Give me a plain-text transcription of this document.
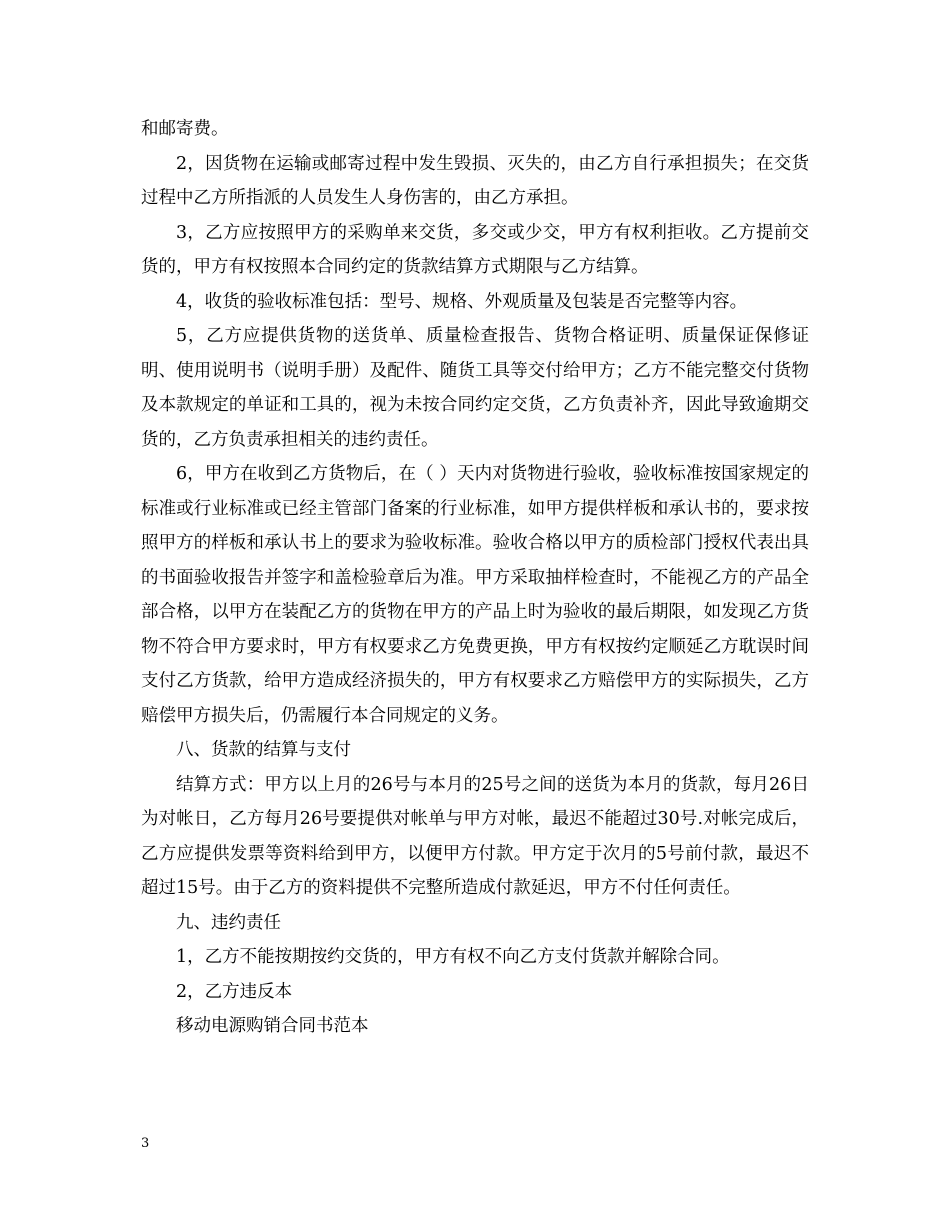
和邮寄费。

2，因货物在运输或邮寄过程中发生毁损、灭失的，由乙方自行承担损失；在交货过程中乙方所指派的人员发生人身伤害的，由乙方承担。

3，乙方应按照甲方的采购单来交货，多交或少交，甲方有权利拒收。乙方提前交货的，甲方有权按照本合同约定的货款结算方式期限与乙方结算。

4，收货的验收标准包括：型号、规格、外观质量及包装是否完整等内容。

5，乙方应提供货物的送货单、质量检查报告、货物合格证明、质量保证保修证明、使用说明书（说明手册）及配件、随货工具等交付给甲方；乙方不能完整交付货物及本款规定的单证和工具的，视为未按合同约定交货，乙方负责补齐，因此导致逾期交货的，乙方负责承担相关的违约责任。

6，甲方在收到乙方货物后，在（ ）天内对货物进行验收，验收标准按国家规定的标准或行业标准或已经主管部门备案的行业标准，如甲方提供样板和承认书的，要求按照甲方的样板和承认书上的要求为验收标准。验收合格以甲方的质检部门授权代表出具的书面验收报告并签字和盖检验章后为准。甲方采取抽样检查时，不能视乙方的产品全部合格，以甲方在装配乙方的货物在甲方的产品上时为验收的最后期限，如发现乙方货物不符合甲方要求时，甲方有权要求乙方免费更换，甲方有权按约定顺延乙方耽误时间支付乙方货款，给甲方造成经济损失的，甲方有权要求乙方赔偿甲方的实际损失，乙方赔偿甲方损失后，仍需履行本合同规定的义务。

八、货款的结算与支付

结算方式：甲方以上月的26号与本月的25号之间的送货为本月的货款，每月26日为对帐日，乙方每月26号要提供对帐单与甲方对帐，最迟不能超过30号.对帐完成后，乙方应提供发票等资料给到甲方，以便甲方付款。甲方定于次月的5号前付款，最迟不超过15号。由于乙方的资料提供不完整所造成付款延迟，甲方不付任何责任。

九、违约责任

1，乙方不能按期按约交货的，甲方有权不向乙方支付货款并解除合同。

2，乙方违反本

移动电源购销合同书范本

3
